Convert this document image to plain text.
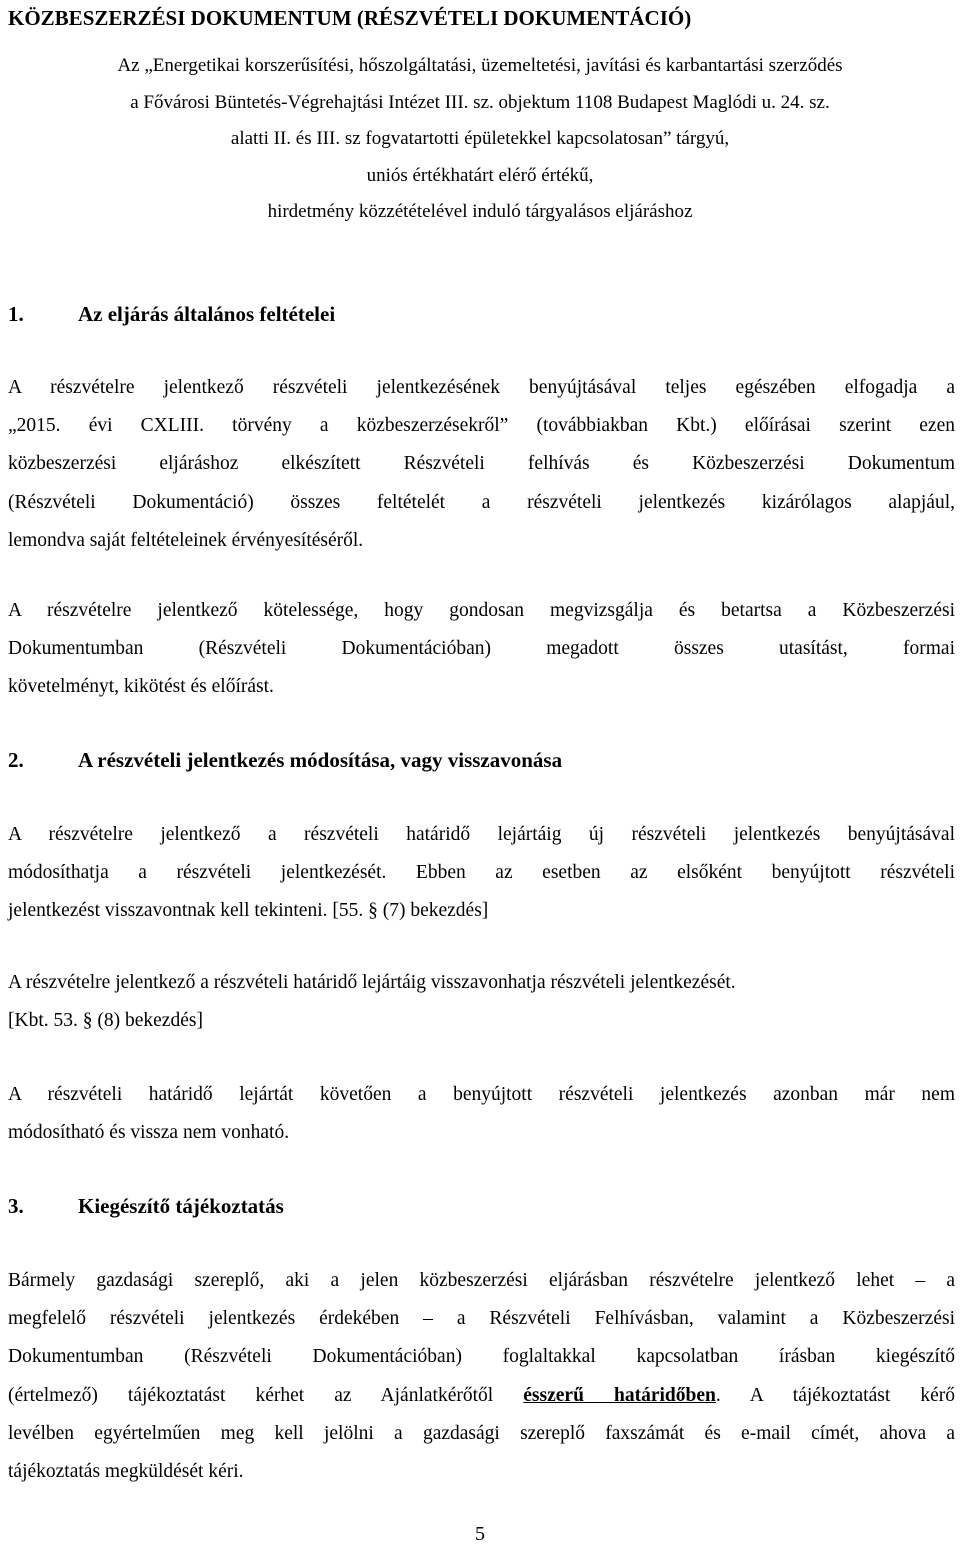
KÖZBESZERZÉSI DOKUMENTUM (RÉSZVÉTELI DOKUMENTÁCIÓ)
Az „Energetikai korszerűsítési, hőszolgáltatási, üzemeltetési, javítási és karbantartási szerződés
a Fővárosi Büntetés-Végrehajtási Intézet III. sz. objektum 1108 Budapest Maglódi u. 24. sz.
alatti II. és III. sz fogvatartotti épületekkel kapcsolatosan” tárgyú,
uniós értékhatárt elérő értékű,
hirdetmény közzétételével induló tárgyalásos eljáráshoz
1.	Az eljárás általános feltételei
A részvételre jelentkező részvételi jelentkezésének benyújtásával teljes egészében elfogadja a
„2015. évi CXLIII. törvény a közbeszerzésekről” (továbbiakban Kbt.) előírásai szerint ezen
közbeszerzési eljáráshoz elkészített Részvételi felhívás és Közbeszerzési Dokumentum
(Részvételi Dokumentáció) összes feltételét a részvételi jelentkezés kizárólagos alapjául,
lemondva saját feltételeinek érvényesítéséről.
A részvételre jelentkező kötelessége, hogy gondosan megvizsgálja és betartsa a Közbeszerzési
Dokumentumban (Részvételi Dokumentációban) megadott összes utasítást, formai
követelményt, kikötést és előírást.
2.	A részvételi jelentkezés módosítása, vagy visszavonása
A részvételre jelentkező a részvételi határidő lejártáig új részvételi jelentkezés benyújtásával
módosíthatja a részvételi jelentkezését. Ebben az esetben az elsőként benyújtott részvételi
jelentkezést visszavontnak kell tekinteni. [55. § (7) bekezdés]
A részvételre jelentkező a részvételi határidő lejártáig visszavonhatja részvételi jelentkezését.
[Kbt. 53. § (8) bekezdés]
A részvételi határidő lejártát követően a benyújtott részvételi jelentkezés azonban már nem
módosítható és vissza nem vonható.
3.	Kiegészítő tájékoztatás
Bármely gazdasági szereplő, aki a jelen közbeszerzési eljárásban részvételre jelentkező lehet – a
megfelelő részvételi jelentkezés érdekében – a Részvételi Felhívásban, valamint a Közbeszerzési
Dokumentumban (Részvételi Dokumentációban) foglaltakkal kapcsolatban írásban kiegészítő
(értelmező) tájékoztatást kérhet az Ajánlatkérőtől ésszerű határidőben. A tájékoztatást kérő
levélben egyértelműen meg kell jelölni a gazdasági szereplő faxszámát és e-mail címét, ahova a
tájékoztatás megküldését kéri.
5
